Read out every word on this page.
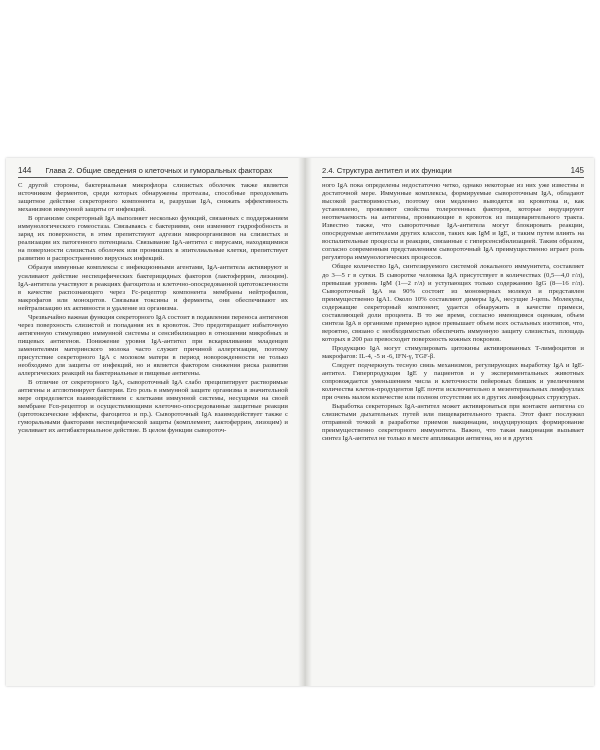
144 Глава 2. Общие сведения о клеточных и гуморальных факторах

С другой стороны, бактериальная микрофлора слизистых оболочек также является источником ферментов, среди которых обнаружены протеазы, способные преодолевать защитное действие секреторного компонента и, разрушая IgA, снижать эффективность механизмов иммунной защиты от инфекций.

В организме секреторный IgA выполняет несколько функций, связанных с поддержанием иммунологического гомеостаза. Связываясь с бактериями, они изменяют гидрофобность и заряд их поверхности, в этим препятствуют адгезии микроорганизмов на слизистых и реализации их патогенного потенциала. Связывание IgA-антител с вирусами, находящимися на поверхности слизистых оболочек или проникших в эпителиальные клетки, препятствует развитию и распространению вирусных инфекций.

Образуя иммунные комплексы с инфекционными агентами, IgA-антитела активируют и усиливают действие неспецифических бактерицидных факторов (лактоферрин, лизоцим). IgA-антитела участвуют в реакциях фагоцитоза и клеточно-опосредованной цитотоксичности в качестве распознающего через Fc-рецептор компонента мембраны нейтрофилов, макрофагов или моноцитов. Связывая токсины и ферменты, они обеспечивают их нейтрализацию их активности и удаление из организма.

Чрезвычайно важная функция секреторного IgA состоит в подавлении переноса антигенов через поверхность слизистой и попадания их в кровоток. Это предотвращает избыточную антигенную стимуляцию иммунной системы и сенсибилизацию в отношении микробных и пищевых антигенов. Понижение уровня IgA-антител при вскармливании младенцев заменителями материнского молока часто служит причиной аллергизации, поэтому присутствие секреторного IgA с молоком матери в период новорожденности не только необходимо для защиты от инфекций, но и является фактором снижения риска развития аллергических реакций на бактериальные и пищевые антигены.

В отличие от секреторного IgA, сывороточный IgA слабо преципитирует растворимые антигены и агглютинирует бактерии. Его роль в иммунной защите организма в значительной мере определяется взаимодействием с клетками иммунной системы, несущими на своей мембране Fcα-рецептор и осуществляющими клеточно-опосредованные защитные реакции (цитотоксические эффекты, фагоцитоз и пр.). Сывороточный IgA взаимодействует также с гуморальными факторами неспецифической защиты (комплемент, лактоферрин, лизоцим) и усиливает их антибактериальное действие. В целом функции сывороточ-

2.4. Структура антител и их функции	145

ного IgA пока определены недостаточно четко, однако некоторые из них уже известны в достаточной мере. Иммунные комплексы, формируемые сывороточным IgA, обладают высокой растворимостью, поэтому они медленно выводятся из кровотока и, как установлено, проявляют свойства толерогенных факторов, которые индуцируют неотвечаемость на антигены, проникающие в кровоток из пищеварительного тракта. Известно также, что сывороточные IgA-антитела могут блокировать реакции, опосредуемые антителами других классов, таких как IgM и IgE, и таким путем влиять на воспалительные процессы и реакции, связанные с гиперсенсибилизацией. Таким образом, согласно современным представлениям сывороточный IgA преимущественно играет роль регулятора иммунологических процессов.

Общее количество IgA, синтезируемого системой локального иммунитета, составляет до 3—5 г в сутки. В сыворотке человека IgA присутствует в количествах (0,5—4,0 г/л), превышая уровень IgM (1—2 г/л) и уступающих только содержанию IgG (8—16 г/л). Сывороточный IgA на 90% состоит из мономерных молекул и представлен преимущественно IgA1. Около 10% составляют димеры IgA, несущие J-цепь. Молекулы, содержащие секреторный компонент, удается обнаружить в качестве примеси, составляющей доли процента. В то же время, согласно имеющимся оценкам, объем синтеза IgA в организме примерно вдвое превышает объем всех остальных изотипов, что, вероятно, связано с необходимостью обеспечить иммунную защиту слизистых, площадь которых в 200 раз превосходит поверхность кожных покровов.

Продукцию IgA могут стимулировать цитокины активированных T-лимфоцитов и макрофагов: IL-4, -5 и -6, IFN-γ, TGF-β.

Следует подчеркнуть тесную связь механизмов, регулирующих выработку IgA и IgE-антител. Гиперпродукция IgE у пациентов и у экспериментальных животных сопровождается уменьшением числа и клеточности пейеровых бляшек и увеличением количества клеток-продуцентов IgE почти исключительно в мезентериальных лимфоузлах при очень малом количестве или полном отсутствии их в других лимфоидных структурах.

Выработка секреторных IgA-антител может активироваться при контакте антигена со слизистыми дыхательных путей или пищеварительного тракта. Этот факт послужил отправной точкой в разработке приемов вакцинации, индуцирующих формирование преимущественно секреторного иммунитета. Важно, что такая вакцинация вызывает синтез IgA-антител не только в месте аппликации антигена, но и в других
